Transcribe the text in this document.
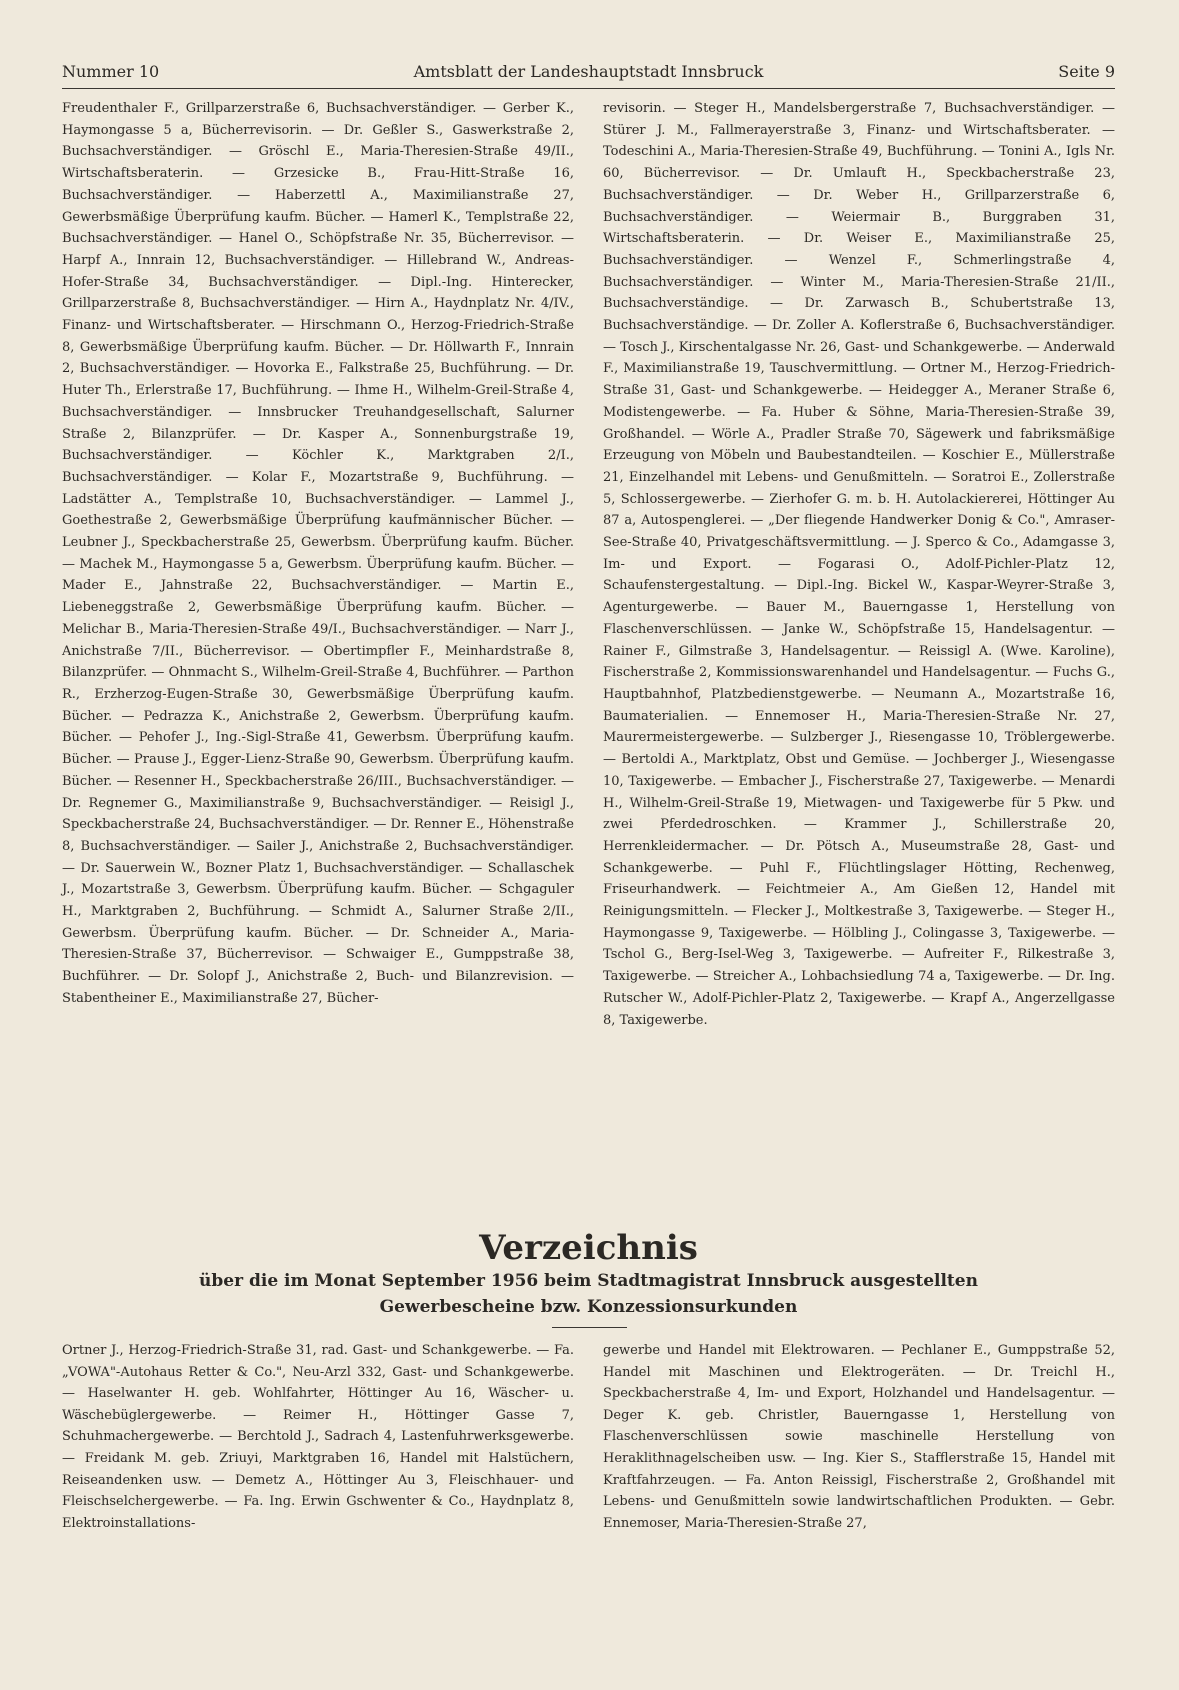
Nummer 10	Amtsblatt der Landeshauptstadt Innsbruck	Seite 9
Freudenthaler F., Grillparzerstraße 6, Buchsachverständiger. — Gerber K., Haymongasse 5 a, Bücherrevisorin. — Dr. Geßler S., Gaswerkstraße 2, Buchsachverständiger. — Gröschl E., Maria-Theresien-Straße 49/II., Wirtschaftsberaterin. — Grzesicke B., Frau-Hitt-Straße 16, Buchsachverständiger. — Haberzettl A., Maximilianstraße 27, Gewerbsmäßige Überprüfung kaufm. Bücher. — Hamerl K., Templstraße 22, Buchsachverständiger. — Hanel O., Schöpfstraße Nr. 35, Bücherrevisor. — Harpf A., Innrain 12, Buchsachverständiger. — Hillebrand W., Andreas-Hofer-Straße 34, Buchsachverständiger. — Dipl.-Ing. Hinterecker, Grillparzerstraße 8, Buchsachverständiger. — Hirn A., Haydnplatz Nr. 4/IV., Finanz- und Wirtschaftsberater. — Hirschmann O., Herzog-Friedrich-Straße 8, Gewerbsmäßige Überprüfung kaufm. Bücher. — Dr. Höllwarth F., Innrain 2, Buchsachverständiger. — Hovorka E., Falkstraße 25, Buchführung. — Dr. Huter Th., Erlerstraße 17, Buchführung. — Ihme H., Wilhelm-Greil-Straße 4, Buchsachverständiger. — Innsbrucker Treuhandgesellschaft, Salurner Straße 2, Bilanzprüfer. — Dr. Kasper A., Sonnenburgstraße 19, Buchsachverständiger. — Köchler K., Marktgraben 2/I., Buchsachverständiger. — Kolar F., Mozartstraße 9, Buchführung. — Ladstätter A., Templstraße 10, Buchsachverständiger. — Lammel J., Goethestraße 2, Gewerbsmäßige Überprüfung kaufmännischer Bücher. — Leubner J., Speckbacherstraße 25, Gewerbsm. Überprüfung kaufm. Bücher. — Machek M., Haymongasse 5 a, Gewerbsm. Überprüfung kaufm. Bücher. — Mader E., Jahnstraße 22, Buchsachverständiger. — Martin E., Liebeneggstraße 2, Gewerbsmäßige Überprüfung kaufm. Bücher. — Melichar B., Maria-Theresien-Straße 49/I., Buchsachverständiger. — Narr J., Anichstraße 7/II., Bücherrevisor. — Obertimpfler F., Meinhardstraße 8, Bilanzprüfer. — Ohnmacht S., Wilhelm-Greil-Straße 4, Buchführer. — Parthon R., Erzherzog-Eugen-Straße 30, Gewerbsmäßige Überprüfung kaufm. Bücher. — Pedrazza K., Anichstraße 2, Gewerbsm. Überprüfung kaufm. Bücher. — Pehofer J., Ing.-Sigl-Straße 41, Gewerbsm. Überprüfung kaufm. Bücher. — Prause J., Egger-Lienz-Straße 90, Gewerbsm. Überprüfung kaufm. Bücher. — Resenner H., Speckbacherstraße 26/III., Buchsachverständiger. — Dr. Regnemer G., Maximilianstraße 9, Buchsachverständiger. — Reisigl J., Speckbacherstraße 24, Buchsachverständiger. — Dr. Renner E., Höhenstraße 8, Buchsachverständiger. — Sailer J., Anichstraße 2, Buchsachverständiger. — Dr. Sauerwein W., Bozner Platz 1, Buchsachverständiger. — Schallaschek J., Mozartstraße 3, Gewerbsm. Überprüfung kaufm. Bücher. — Schgaguler H., Marktgraben 2, Buchführung. — Schmidt A., Salurner Straße 2/II., Gewerbsm. Überprüfung kaufm. Bücher. — Dr. Schneider A., Maria-Theresien-Straße 37, Bücherrevisor. — Schwaiger E., Gumppstraße 38, Buchführer. — Dr. Solopf J., Anichstraße 2, Buch- und Bilanzrevision. — Stabentheiner E., Maximilianstraße 27, Bücher-
revisorin. — Steger H., Mandelsbergerstraße 7, Buchsachverständiger. — Stürer J. M., Fallmerayerstraße 3, Finanz- und Wirtschaftsberater. — Todeschini A., Maria-Theresien-Straße 49, Buchführung. — Tonini A., Igls Nr. 60, Bücherrevisor. — Dr. Umlauft H., Speckbacherstraße 23, Buchsachverständiger. — Dr. Weber H., Grillparzerstraße 6, Buchsachverständiger. — Weiermair B., Burggraben 31, Wirtschaftsberaterin. — Dr. Weiser E., Maximilianstraße 25, Buchsachverständiger. — Wenzel F., Schmerlingstraße 4, Buchsachverständiger. — Winter M., Maria-Theresien-Straße 21/II., Buchsachverständige. — Dr. Zarwasch B., Schubertstraße 13, Buchsachverständige. — Dr. Zoller A. Koflerstraße 6, Buchsachverständiger. — Tosch J., Kirschentalgasse Nr. 26, Gast- und Schankgewerbe. — Anderwald F., Maximilianstraße 19, Tauschvermittlung. — Ortner M., Herzog-Friedrich-Straße 31, Gast- und Schankgewerbe. — Heidegger A., Meraner Straße 6, Modistengewerbe. — Fa. Huber & Söhne, Maria-Theresien-Straße 39, Großhandel. — Wörle A., Pradler Straße 70, Sägewerk und fabriksmäßige Erzeugung von Möbeln und Baubestandteilen. — Koschier E., Müllerstraße 21, Einzelhandel mit Lebens- und Genußmitteln. — Soratroi E., Zollerstraße 5, Schlossergewerbe. — Zierhofer G. m. b. H. Autolackiererei, Höttinger Au 87 a, Autospenglerei. — „Der fliegende Handwerker Donig & Co.", Amraser-See-Straße 40, Privatgeschäftsvermittlung. — J. Sperco & Co., Adamgasse 3, Im- und Export. — Fogarasi O., Adolf-Pichler-Platz 12, Schaufenstergestaltung. — Dipl.-Ing. Bickel W., Kaspar-Weyrer-Straße 3, Agenturgewerbe. — Bauer M., Bauerngasse 1, Herstellung von Flaschenverschlüssen. — Janke W., Schöpfstraße 15, Handelsagentur. — Rainer F., Gilmstraße 3, Handelsagentur. — Reissigl A. (Wwe. Karoline), Fischerstraße 2, Kommissionswarenhandel und Handelsagentur. — Fuchs G., Hauptbahnhof, Platzbedienstgewerbe. — Neumann A., Mozartstraße 16, Baumaterialien. — Ennemoser H., Maria-Theresien-Straße Nr. 27, Maurermeistergewerbe. — Sulzberger J., Riesengasse 10, Tröblergewerbe. — Bertoldi A., Marktplatz, Obst und Gemüse. — Jochberger J., Wiesengasse 10, Taxigewerbe. — Embacher J., Fischerstraße 27, Taxigewerbe. — Menardi H., Wilhelm-Greil-Straße 19, Mietwagen- und Taxigewerbe für 5 Pkw. und zwei Pferdedroschken. — Krammer J., Schillerstraße 20, Herrenkleidermacher. — Dr. Pötsch A., Museumstraße 28, Gast- und Schankgewerbe. — Puhl F., Flüchtlingslager Hötting, Rechenweg, Friseurhandwerk. — Feichtmeier A., Am Gießen 12, Handel mit Reinigungsmitteln. — Flecker J., Moltkestraße 3, Taxigewerbe. — Steger H., Haymongasse 9, Taxigewerbe. — Hölbling J., Colingasse 3, Taxigewerbe. — Tschol G., Berg-Isel-Weg 3, Taxigewerbe. — Aufreiter F., Rilkestraße 3, Taxigewerbe. — Streicher A., Lohbachsiedlung 74 a, Taxigewerbe. — Dr. Ing. Rutscher W., Adolf-Pichler-Platz 2, Taxigewerbe. — Krapf A., Angerzellgasse 8, Taxigewerbe.
Verzeichnis
über die im Monat September 1956 beim Stadtmagistrat Innsbruck ausgestellten
Gewerbescheine bzw. Konzessionsurkunden
Ortner J., Herzog-Friedrich-Straße 31, rad. Gast- und Schankgewerbe. — Fa. „VOWA"-Autohaus Retter & Co.", Neu-Arzl 332, Gast- und Schankgewerbe. — Haselwanter H. geb. Wohlfahrter, Höttinger Au 16, Wäscher- u. Wäschebüglergewerbe. — Reimer H., Höttinger Gasse 7, Schuhmachergewerbe. — Berchtold J., Sadrach 4, Lastenfuhrwerksgewerbe. — Freidank M. geb. Zriuyi, Marktgraben 16, Handel mit Halstüchern, Reiseandenken usw. — Demetz A., Höttinger Au 3, Fleischhauer- und Fleischselchergewerbe. — Fa. Ing. Erwin Gschwenter & Co., Haydnplatz 8, Elektroinstallations-
gewerbe und Handel mit Elektrowaren. — Pechlaner E., Gumppstraße 52, Handel mit Maschinen und Elektrogeräten. — Dr. Treichl H., Speckbacherstraße 4, Im- und Export, Holzhandel und Handelsagentur. — Deger K. geb. Christler, Bauerngasse 1, Herstellung von Flaschenverschlüssen sowie maschinelle Herstellung von Heraklithnagelscheiben usw. — Ing. Kier S., Stafflerstraße 15, Handel mit Kraftfahrzeugen. — Fa. Anton Reissigl, Fischerstraße 2, Großhandel mit Lebens- und Genußmitteln sowie landwirtschaftlichen Produkten. — Gebr. Ennemoser, Maria-Theresien-Straße 27,
